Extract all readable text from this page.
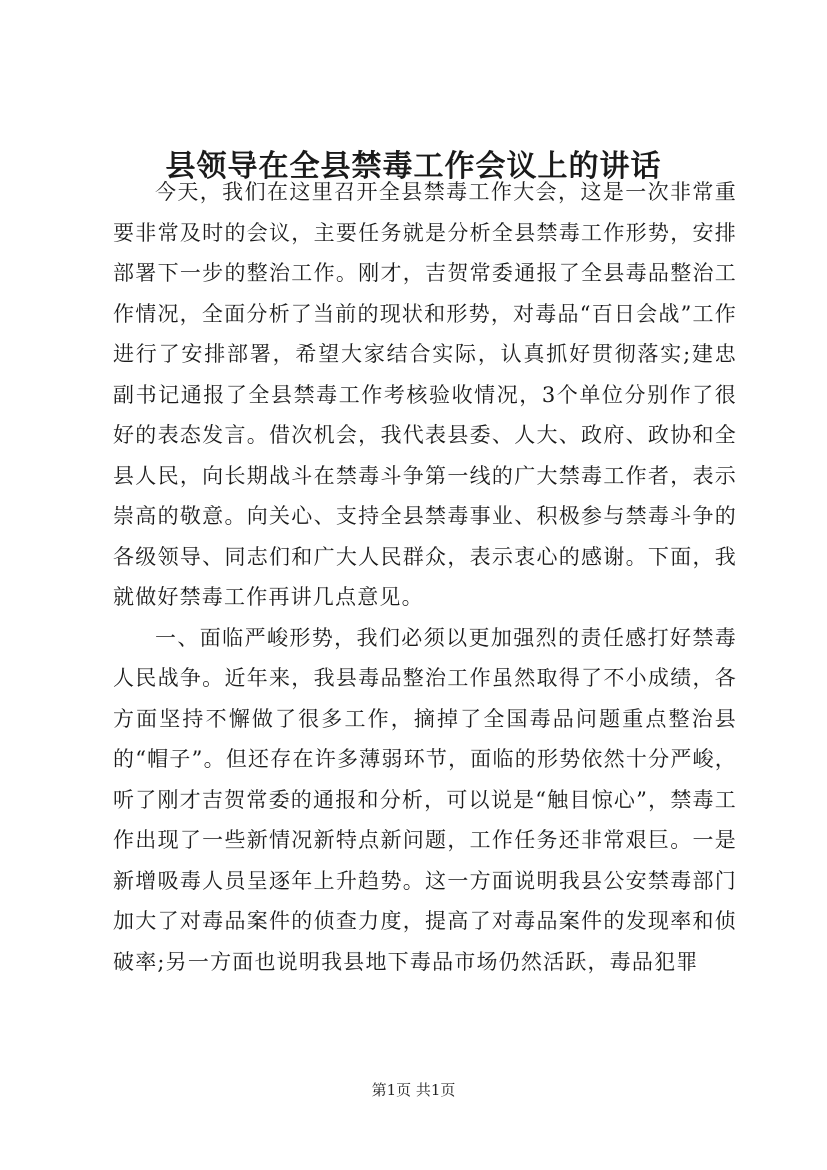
县领导在全县禁毒工作会议上的讲话

今天，我们在这里召开全县禁毒工作大会，这是一次非常重要非常及时的会议，主要任务就是分析全县禁毒工作形势，安排部署下一步的整治工作。刚才，吉贺常委通报了全县毒品整治工作情况，全面分析了当前的现状和形势，对毒品“百日会战”工作进行了安排部署，希望大家结合实际，认真抓好贯彻落实;建忠副书记通报了全县禁毒工作考核验收情况，3个单位分别作了很好的表态发言。借次机会，我代表县委、人大、政府、政协和全县人民，向长期战斗在禁毒斗争第一线的广大禁毒工作者，表示崇高的敬意。向关心、支持全县禁毒事业、积极参与禁毒斗争的各级领导、同志们和广大人民群众，表示衷心的感谢。下面，我就做好禁毒工作再讲几点意见。

一、面临严峻形势，我们必须以更加强烈的责任感打好禁毒人民战争。近年来，我县毒品整治工作虽然取得了不小成绩，各方面坚持不懈做了很多工作，摘掉了全国毒品问题重点整治县的“帽子”。但还存在许多薄弱环节，面临的形势依然十分严峻，听了刚才吉贺常委的通报和分析，可以说是“触目惊心”，禁毒工作出现了一些新情况新特点新问题，工作任务还非常艰巨。一是新增吸毒人员呈逐年上升趋势。这一方面说明我县公安禁毒部门加大了对毒品案件的侦查力度，提高了对毒品案件的发现率和侦破率;另一方面也说明我县地下毒品市场仍然活跃，毒品犯罪

第1页 共1页
